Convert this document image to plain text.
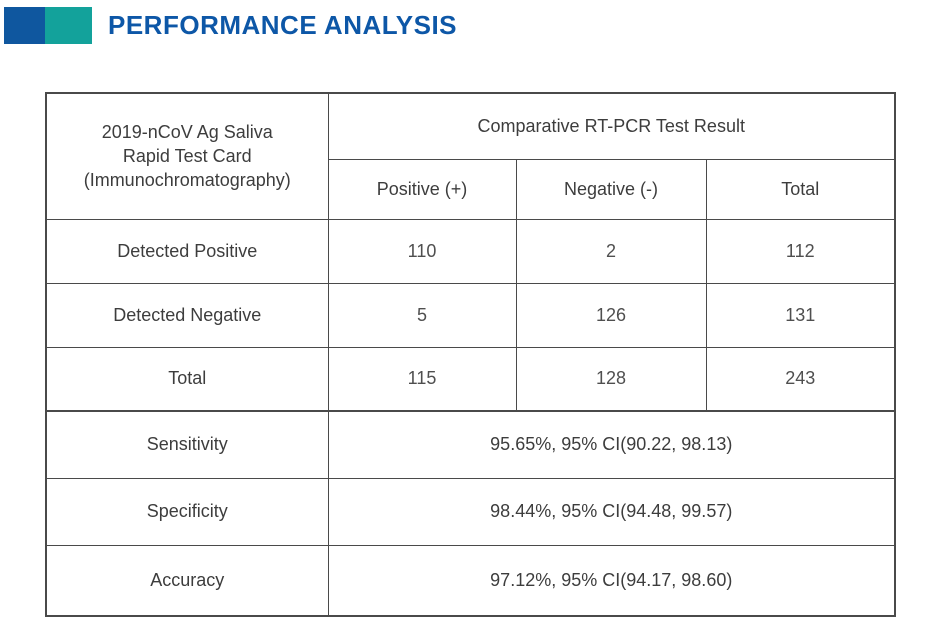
PERFORMANCE ANALYSIS
2019-nCoV Ag Saliva
Rapid Test Card
(Immunochromatography)	Comparative RT-PCR Test Result		
	Positive (+)	Negative (-)	Total
Detected Positive	110	2	112
Detected Negative	5	126	131
Total	115	128	243
Sensitivity	95.65%, 95% CI(90.22, 98.13)		
Specificity	98.44%, 95% CI(94.48, 99.57)		
Accuracy	97.12%, 95% CI(94.17, 98.60)		
